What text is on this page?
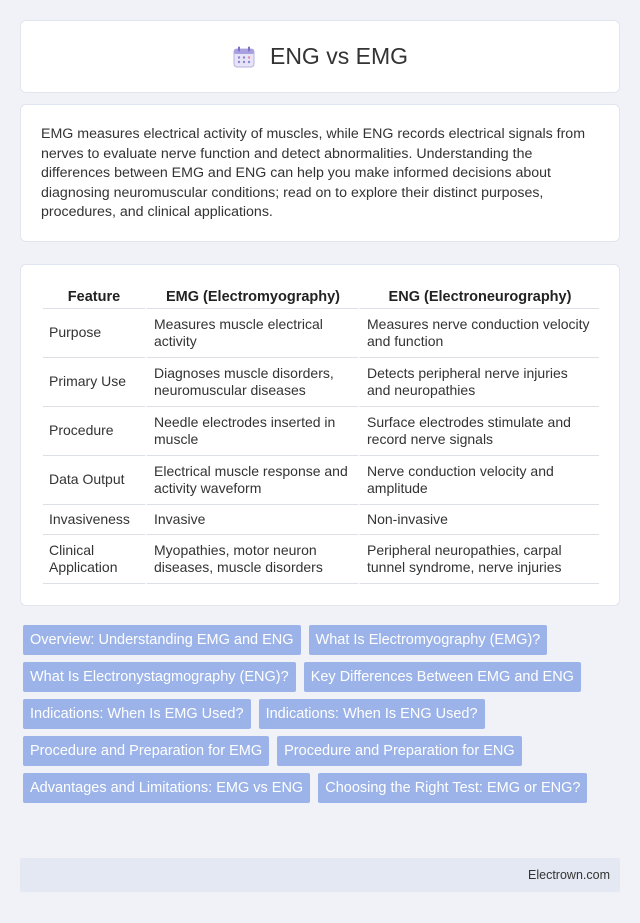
ENG vs EMG

EMG measures electrical activity of muscles, while ENG records electrical signals from nerves to evaluate nerve function and detect abnormalities. Understanding the differences between EMG and ENG can help you make informed decisions about diagnosing neuromuscular conditions; read on to explore their distinct purposes, procedures, and clinical applications.

Feature	EMG (Electromyography)	ENG (Electroneurography)
Purpose	Measures muscle electrical activity	Measures nerve conduction velocity and function
Primary Use	Diagnoses muscle disorders, neuromuscular diseases	Detects peripheral nerve injuries and neuropathies
Procedure	Needle electrodes inserted in muscle	Surface electrodes stimulate and record nerve signals
Data Output	Electrical muscle response and activity waveform	Nerve conduction velocity and amplitude
Invasiveness	Invasive	Non-invasive
Clinical Application	Myopathies, motor neuron diseases, muscle disorders	Peripheral neuropathies, carpal tunnel syndrome, nerve injuries
Overview: Understanding EMG and ENG	What Is Electromyography (EMG)?
What Is Electronystagmography (ENG)?	Key Differences Between EMG and ENG
Indications: When Is EMG Used?	Indications: When Is ENG Used?
Procedure and Preparation for EMG	Procedure and Preparation for ENG
Advantages and Limitations: EMG vs ENG	Choosing the Right Test: EMG or ENG?
Electrown.com
